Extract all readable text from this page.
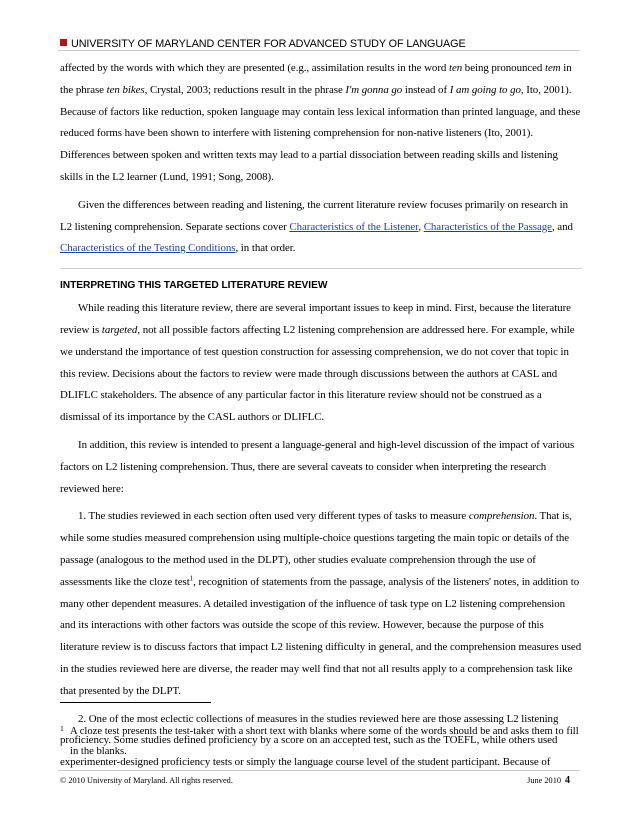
UNIVERSITY OF MARYLAND CENTER FOR ADVANCED STUDY OF LANGUAGE

affected by the words with which they are presented (e.g., assimilation results in the word ten being pronounced tem in the phrase ten bikes, Crystal, 2003; reductions result in the phrase I'm gonna go instead of I am going to go, Ito, 2001). Because of factors like reduction, spoken language may contain less lexical information than printed language, and these reduced forms have been shown to interfere with listening comprehension for non-native listeners (Ito, 2001). Differences between spoken and written texts may lead to a partial dissociation between reading skills and listening skills in the L2 learner (Lund, 1991; Song, 2008).

Given the differences between reading and listening, the current literature review focuses primarily on research in L2 listening comprehension. Separate sections cover Characteristics of the Listener, Characteristics of the Passage, and Characteristics of the Testing Conditions, in that order.

INTERPRETING THIS TARGETED LITERATURE REVIEW

While reading this literature review, there are several important issues to keep in mind. First, because the literature review is targeted, not all possible factors affecting L2 listening comprehension are addressed here. For example, while we understand the importance of test question construction for assessing comprehension, we do not cover that topic in this review. Decisions about the factors to review were made through discussions between the authors at CASL and DLIFLC stakeholders. The absence of any particular factor in this literature review should not be construed as a dismissal of its importance by the CASL authors or DLIFLC.

In addition, this review is intended to present a language-general and high-level discussion of the impact of various factors on L2 listening comprehension. Thus, there are several caveats to consider when interpreting the research reviewed here:

1. The studies reviewed in each section often used very different types of tasks to measure comprehension. That is, while some studies measured comprehension using multiple-choice questions targeting the main topic or details of the passage (analogous to the method used in the DLPT), other studies evaluate comprehension through the use of assessments like the cloze test$^1$, recognition of statements from the passage, analysis of the listeners' notes, in addition to many other dependent measures. A detailed investigation of the influence of task type on L2 listening comprehension and its interactions with other factors was outside the scope of this review. However, because the purpose of this literature review is to discuss factors that impact L2 listening difficulty in general, and the comprehension measures used in the studies reviewed here are diverse, the reader may well find that not all results apply to a comprehension task like that presented by the DLPT.

2. One of the most eclectic collections of measures in the studies reviewed here are those assessing L2 listening proficiency. Some studies defined proficiency by a score on an accepted test, such as the TOEFL, while others used experimenter-designed proficiency tests or simply the language course level of the student participant. Because of

1 A cloze test presents the test-taker with a short text with blanks where some of the words should be and asks them to fill in the blanks.
© 2010 University of Maryland. All rights reserved.	June 2010 4
